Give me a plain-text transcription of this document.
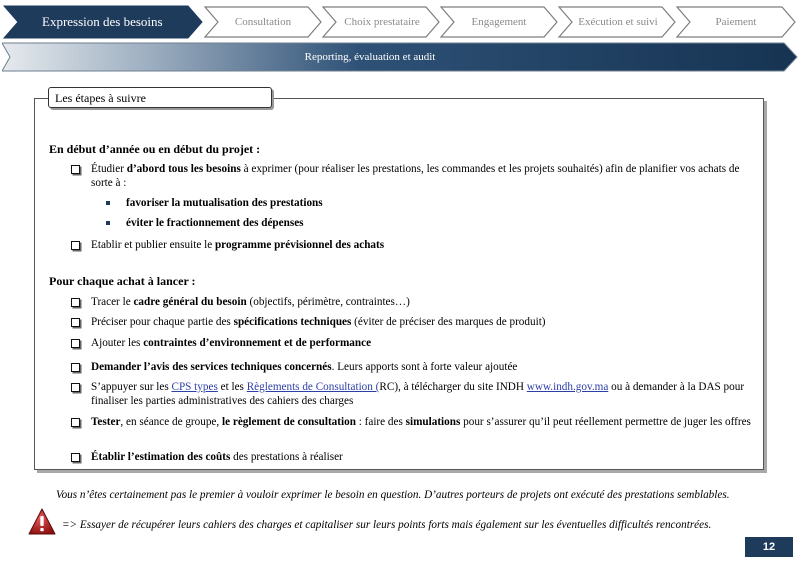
Expression des besoins	Consultation	Choix prestataire	Engagement	Exécution et suivi	Paiement
Reporting, évaluation et audit
Les étapes à suivre
En début d’année ou en début du projet :
Étudier d’abord tous les besoins à exprimer (pour réaliser les prestations, les commandes et les projets souhaités) afin de planifier vos achats de sorte à :
favoriser la mutualisation des prestations
éviter le fractionnement des dépenses
Etablir et publier ensuite le programme prévisionnel des achats
Pour chaque achat à lancer :
Tracer le cadre général du besoin (objectifs, périmètre, contraintes…)
Préciser pour chaque partie des spécifications techniques (éviter de préciser des marques de produit)
Ajouter les contraintes d’environnement et de performance
Demander l’avis des services techniques concernés. Leurs apports sont à forte valeur ajoutée
S’appuyer sur les CPS types et les Règlements de Consultation (RC), à télécharger du site INDH www.indh.gov.ma ou à demander à la DAS pour finaliser les parties administratives des cahiers des charges
Tester, en séance de groupe, le règlement de consultation : faire des simulations pour s’assurer qu’il peut réellement permettre de juger les offres
Établir l’estimation des coûts des prestations à réaliser
Vous n’êtes certainement pas le premier à vouloir exprimer le besoin en question. D’autres porteurs de projets ont exécuté des prestations semblables.
=> Essayer de récupérer leurs cahiers des charges et capitaliser sur leurs points forts mais également sur les éventuelles difficultés rencontrées.
12
